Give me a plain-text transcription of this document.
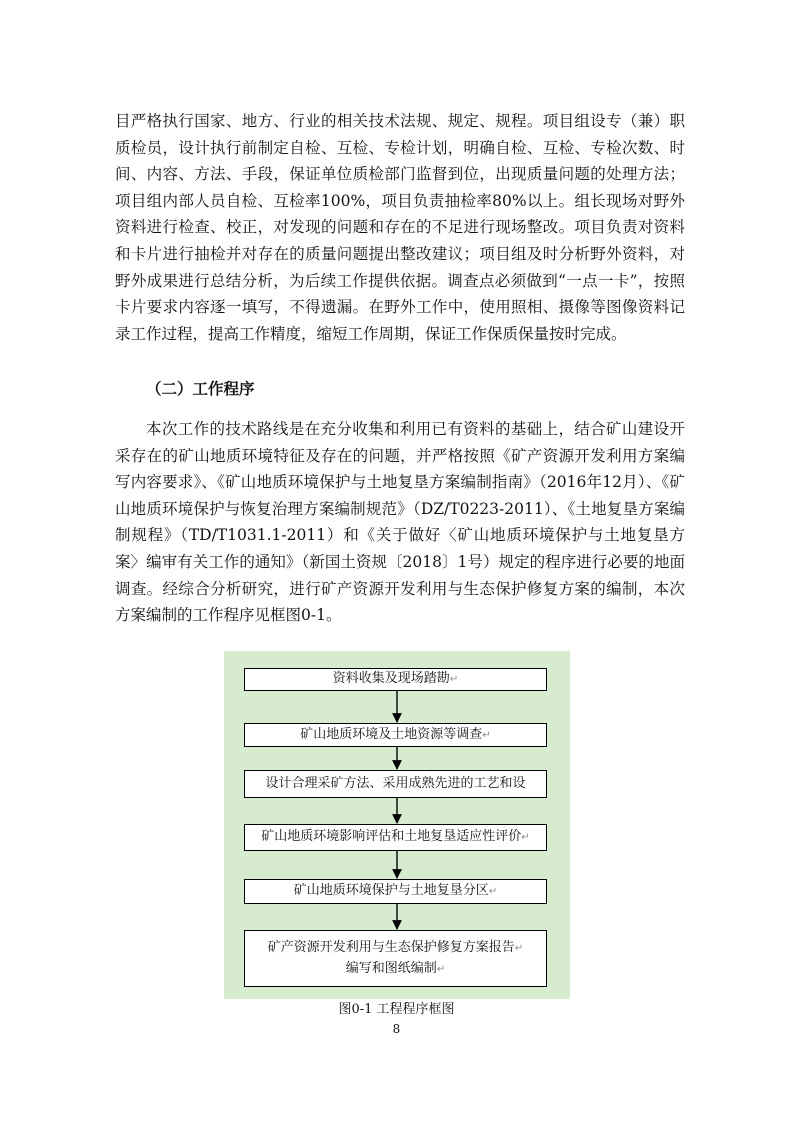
目严格执行国家、地方、行业的相关技术法规、规定、规程。项目组设专（兼）职质检员，设计执行前制定自检、互检、专检计划，明确自检、互检、专检次数、时间、内容、方法、手段，保证单位质检部门监督到位，出现质量问题的处理方法；项目组内部人员自检、互检率100%，项目负责抽检率80%以上。组长现场对野外资料进行检查、校正，对发现的问题和存在的不足进行现场整改。项目负责对资料和卡片进行抽检并对存在的质量问题提出整改建议；项目组及时分析野外资料，对野外成果进行总结分析，为后续工作提供依据。调查点必须做到“一点一卡”，按照卡片要求内容逐一填写，不得遗漏。在野外工作中，使用照相、摄像等图像资料记录工作过程，提高工作精度，缩短工作周期，保证工作保质保量按时完成。

（二）工作程序

本次工作的技术路线是在充分收集和利用已有资料的基础上，结合矿山建设开采存在的矿山地质环境特征及存在的问题，并严格按照《矿产资源开发利用方案编写内容要求》、《矿山地质环境保护与土地复垦方案编制指南》（2016年12月）、《矿山地质环境保护与恢复治理方案编制规范》（DZ/T0223-2011）、《土地复垦方案编制规程》（TD/T1031.1-2011）和《关于做好〈矿山地质环境保护与土地复垦方案〉编审有关工作的通知》（新国土资规〔2018〕1号）规定的程序进行必要的地面调查。经综合分析研究，进行矿产资源开发利用与生态保护修复方案的编制，本次方案编制的工作程序见框图0-1。

资料收集及现场踏勘↵
矿山地质环境及土地资源等调查↵
设计合理采矿方法、采用成熟先进的工艺和设
矿山地质环境影响评估和土地复垦适应性评价↵
矿山地质环境保护与土地复垦分区↵
矿产资源开发利用与生态保护修复方案报告↵
编写和图纸编制↵
图0-1 工程程序框图
8
